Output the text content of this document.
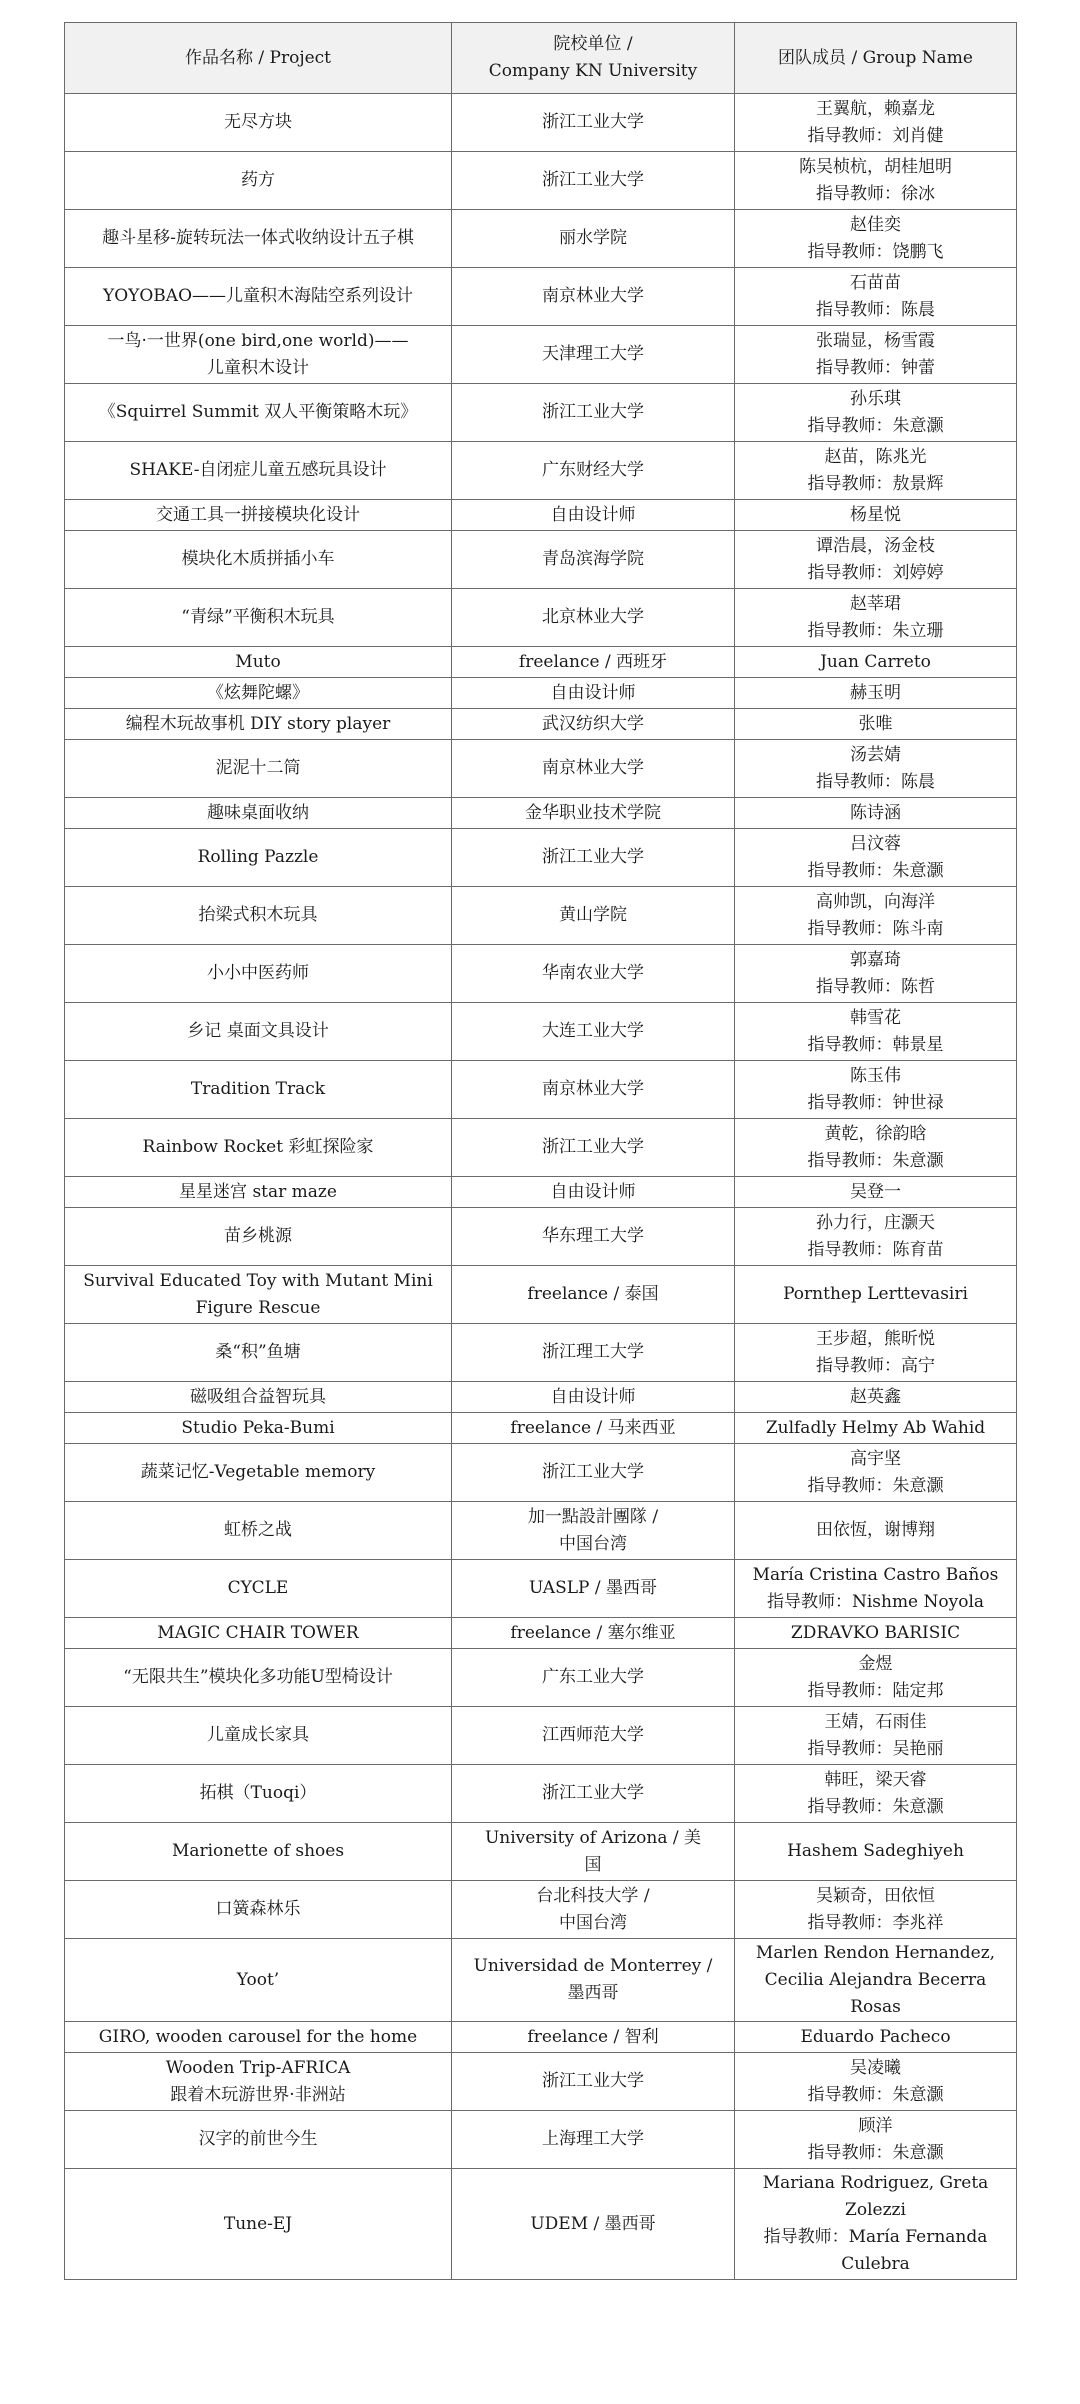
作品名称 / Project	院校单位 /
Company KN University	团队成员 / Group Name
无尽方块	浙江工业大学	王翼航，赖嘉龙
指导教师：刘肖健
药方	浙江工业大学	陈吴桢杭，胡桂旭明
指导教师：徐冰
趣斗星移-旋转玩法一体式收纳设计五子棋	丽水学院	赵佳奕
指导教师：饶鹏飞
YOYOBAO——儿童积木海陆空系列设计	南京林业大学	石苗苗
指导教师：陈晨
一鸟·一世界(one bird,one world)——
儿童积木设计	天津理工大学	张瑞显，杨雪霞
指导教师：钟蕾
《Squirrel Summit 双人平衡策略木玩》	浙江工业大学	孙乐琪
指导教师：朱意灏
SHAKE-自闭症儿童五感玩具设计	广东财经大学	赵苗，陈兆光
指导教师：敖景辉
交通工具一拼接模块化设计	自由设计师	杨星悦
模块化木质拼插小车	青岛滨海学院	谭浩晨，汤金枝
指导教师：刘婷婷
“青绿”平衡积木玩具	北京林业大学	赵莘珺
指导教师：朱立珊
Muto	freelance / 西班牙	Juan Carreto
《炫舞陀螺》	自由设计师	赫玉明
编程木玩故事机 DIY story player	武汉纺织大学	张唯
泥泥十二筒	南京林业大学	汤芸婧
指导教师：陈晨
趣味桌面收纳	金华职业技术学院	陈诗涵
Rolling Pazzle	浙江工业大学	吕汶蓉
指导教师：朱意灏
抬梁式积木玩具	黄山学院	高帅凯，向海洋
指导教师：陈斗南
小小中医药师	华南农业大学	郭嘉琦
指导教师：陈哲
乡记 桌面文具设计	大连工业大学	韩雪花
指导教师：韩景星
Tradition Track	南京林业大学	陈玉伟
指导教师：钟世禄
Rainbow Rocket 彩虹探险家	浙江工业大学	黄乾，徐韵晗
指导教师：朱意灏
星星迷宫 star maze	自由设计师	吴登一
苗乡桃源	华东理工大学	孙力行，庄灏天
指导教师：陈育苗
Survival Educated Toy with Mutant Mini
Figure Rescue	freelance / 泰国	Pornthep Lerttevasiri
桑“积”鱼塘	浙江理工大学	王步超，熊昕悦
指导教师：高宁
磁吸组合益智玩具	自由设计师	赵英鑫
Studio Peka-Bumi	freelance / 马来西亚	Zulfadly Helmy Ab Wahid
蔬菜记忆-Vegetable memory	浙江工业大学	高宇坚
指导教师：朱意灏
虹桥之战	加一點設計團隊 /
中国台湾	田依恆，谢博翔
CYCLE	UASLP / 墨西哥	María Cristina Castro Baños
指导教师：Nishme Noyola
MAGIC CHAIR TOWER	freelance / 塞尔维亚	ZDRAVKO BARISIC
“无限共生”模块化多功能U型椅设计	广东工业大学	金煜
指导教师：陆定邦
儿童成长家具	江西师范大学	王婧，石雨佳
指导教师：吴艳丽
拓棋（Tuoqi）	浙江工业大学	韩旺，梁天睿
指导教师：朱意灏
Marionette of shoes	University of Arizona / 美
国	Hashem Sadeghiyeh
口簧森林乐	台北科技大学 /
中国台湾	吴颖奇，田依恒
指导教师：李兆祥
Yoot’	Universidad de Monterrey /
墨西哥	Marlen Rendon Hernandez,
Cecilia Alejandra Becerra
Rosas
GIRO, wooden carousel for the home	freelance / 智利	Eduardo Pacheco
Wooden Trip-AFRICA
跟着木玩游世界·非洲站	浙江工业大学	吴凌曦
指导教师：朱意灏
汉字的前世今生	上海理工大学	顾洋
指导教师：朱意灏
Tune-EJ	UDEM / 墨西哥	Mariana Rodriguez, Greta
Zolezzi
指导教师：María Fernanda
Culebra
